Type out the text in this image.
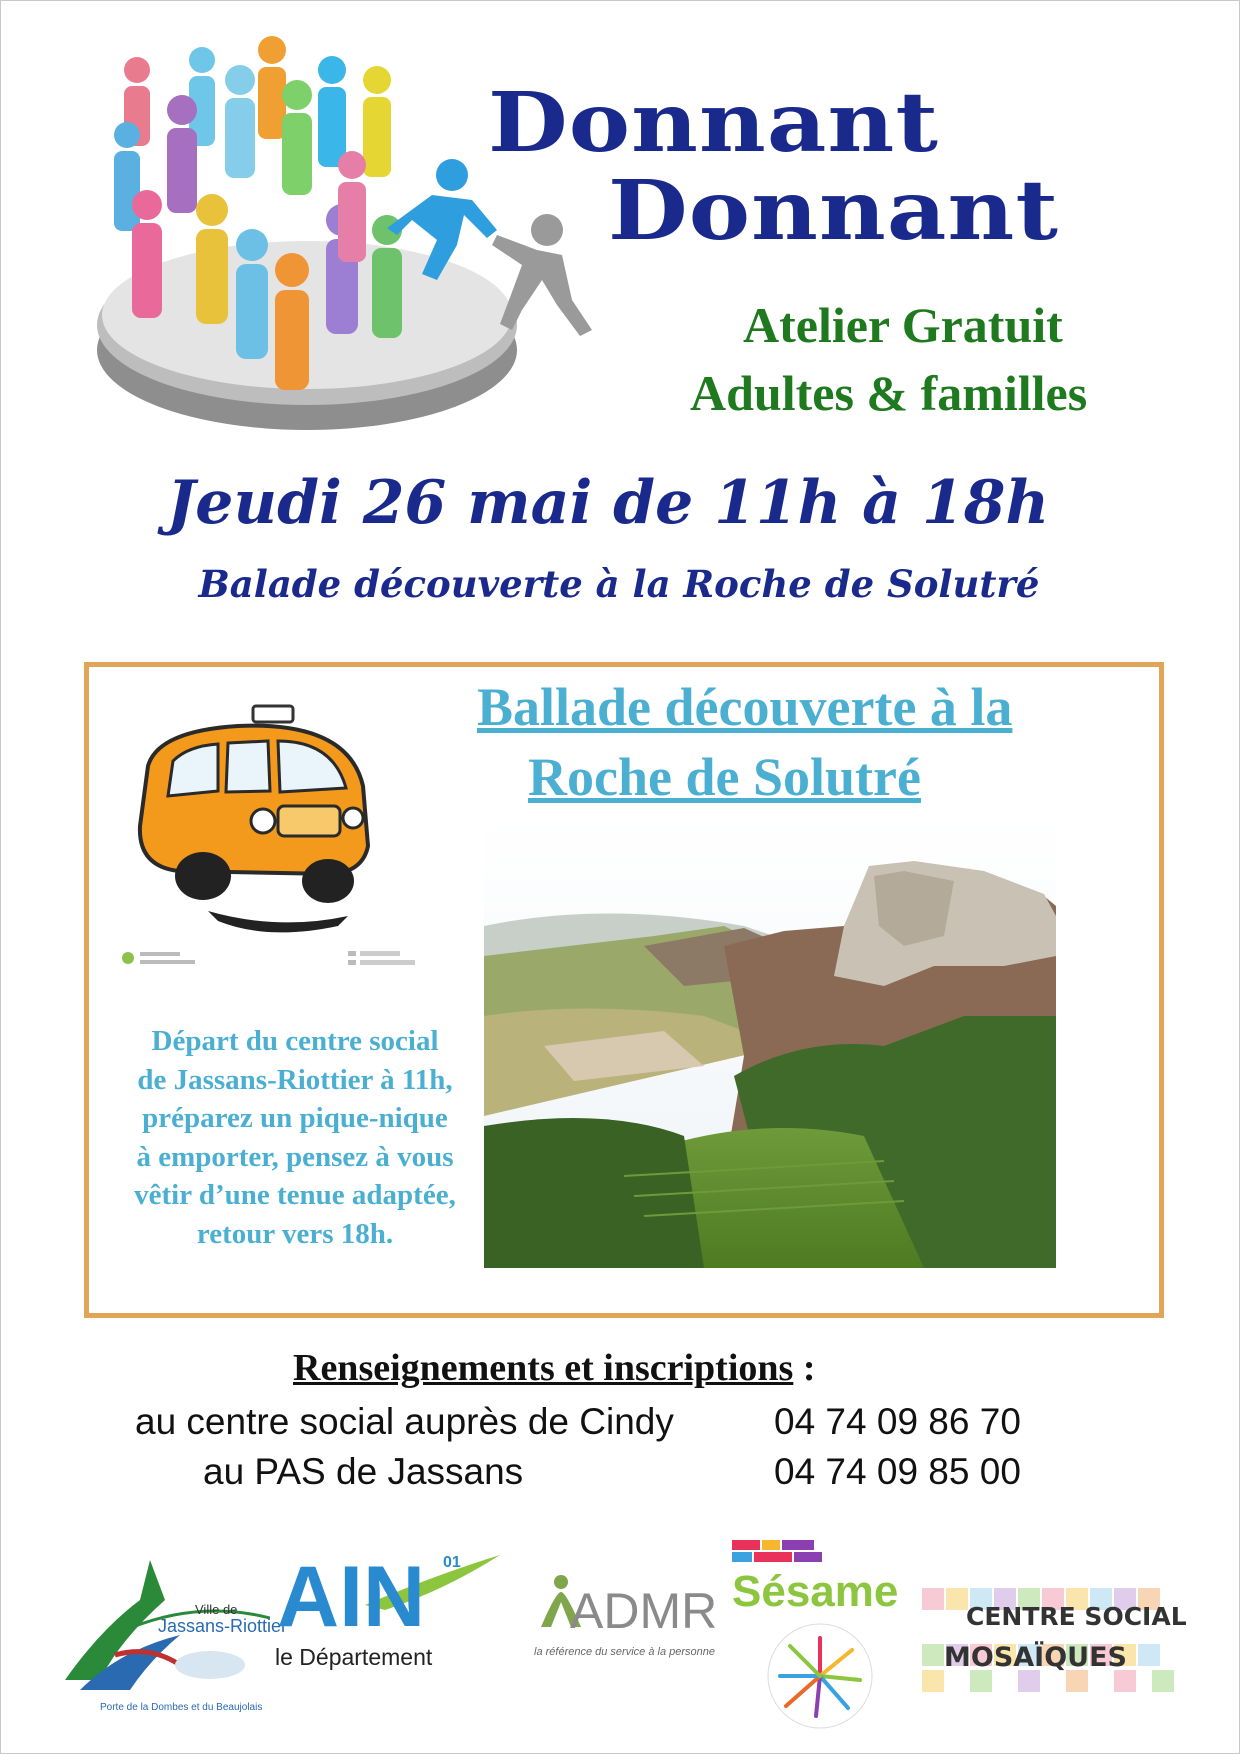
Donnant
Donnant
Atelier Gratuit
Adultes & familles
Jeudi 26 mai de 11h à 18h
Balade découverte à la Roche de Solutré
Ballade découverte à la
Roche de Solutré
Départ du centre social
de Jassans-Riottier à 11h,
préparez un pique-nique
à emporter, pensez à vous
vêtir d’une tenue adaptée,
retour vers 18h.
Renseignements et inscriptions :
au centre social auprès de Cindy	04 74 09 86 70
au PAS de Jassans	04 74 09 85 00
Ville de
Jassans-Riottier
Porte de la Dombes et du Beaujolais
01
AIN
le Département
ADMR
la référence du service à la personne
Sésame
CENTRE SOCIAL
MOSAÏQUES
